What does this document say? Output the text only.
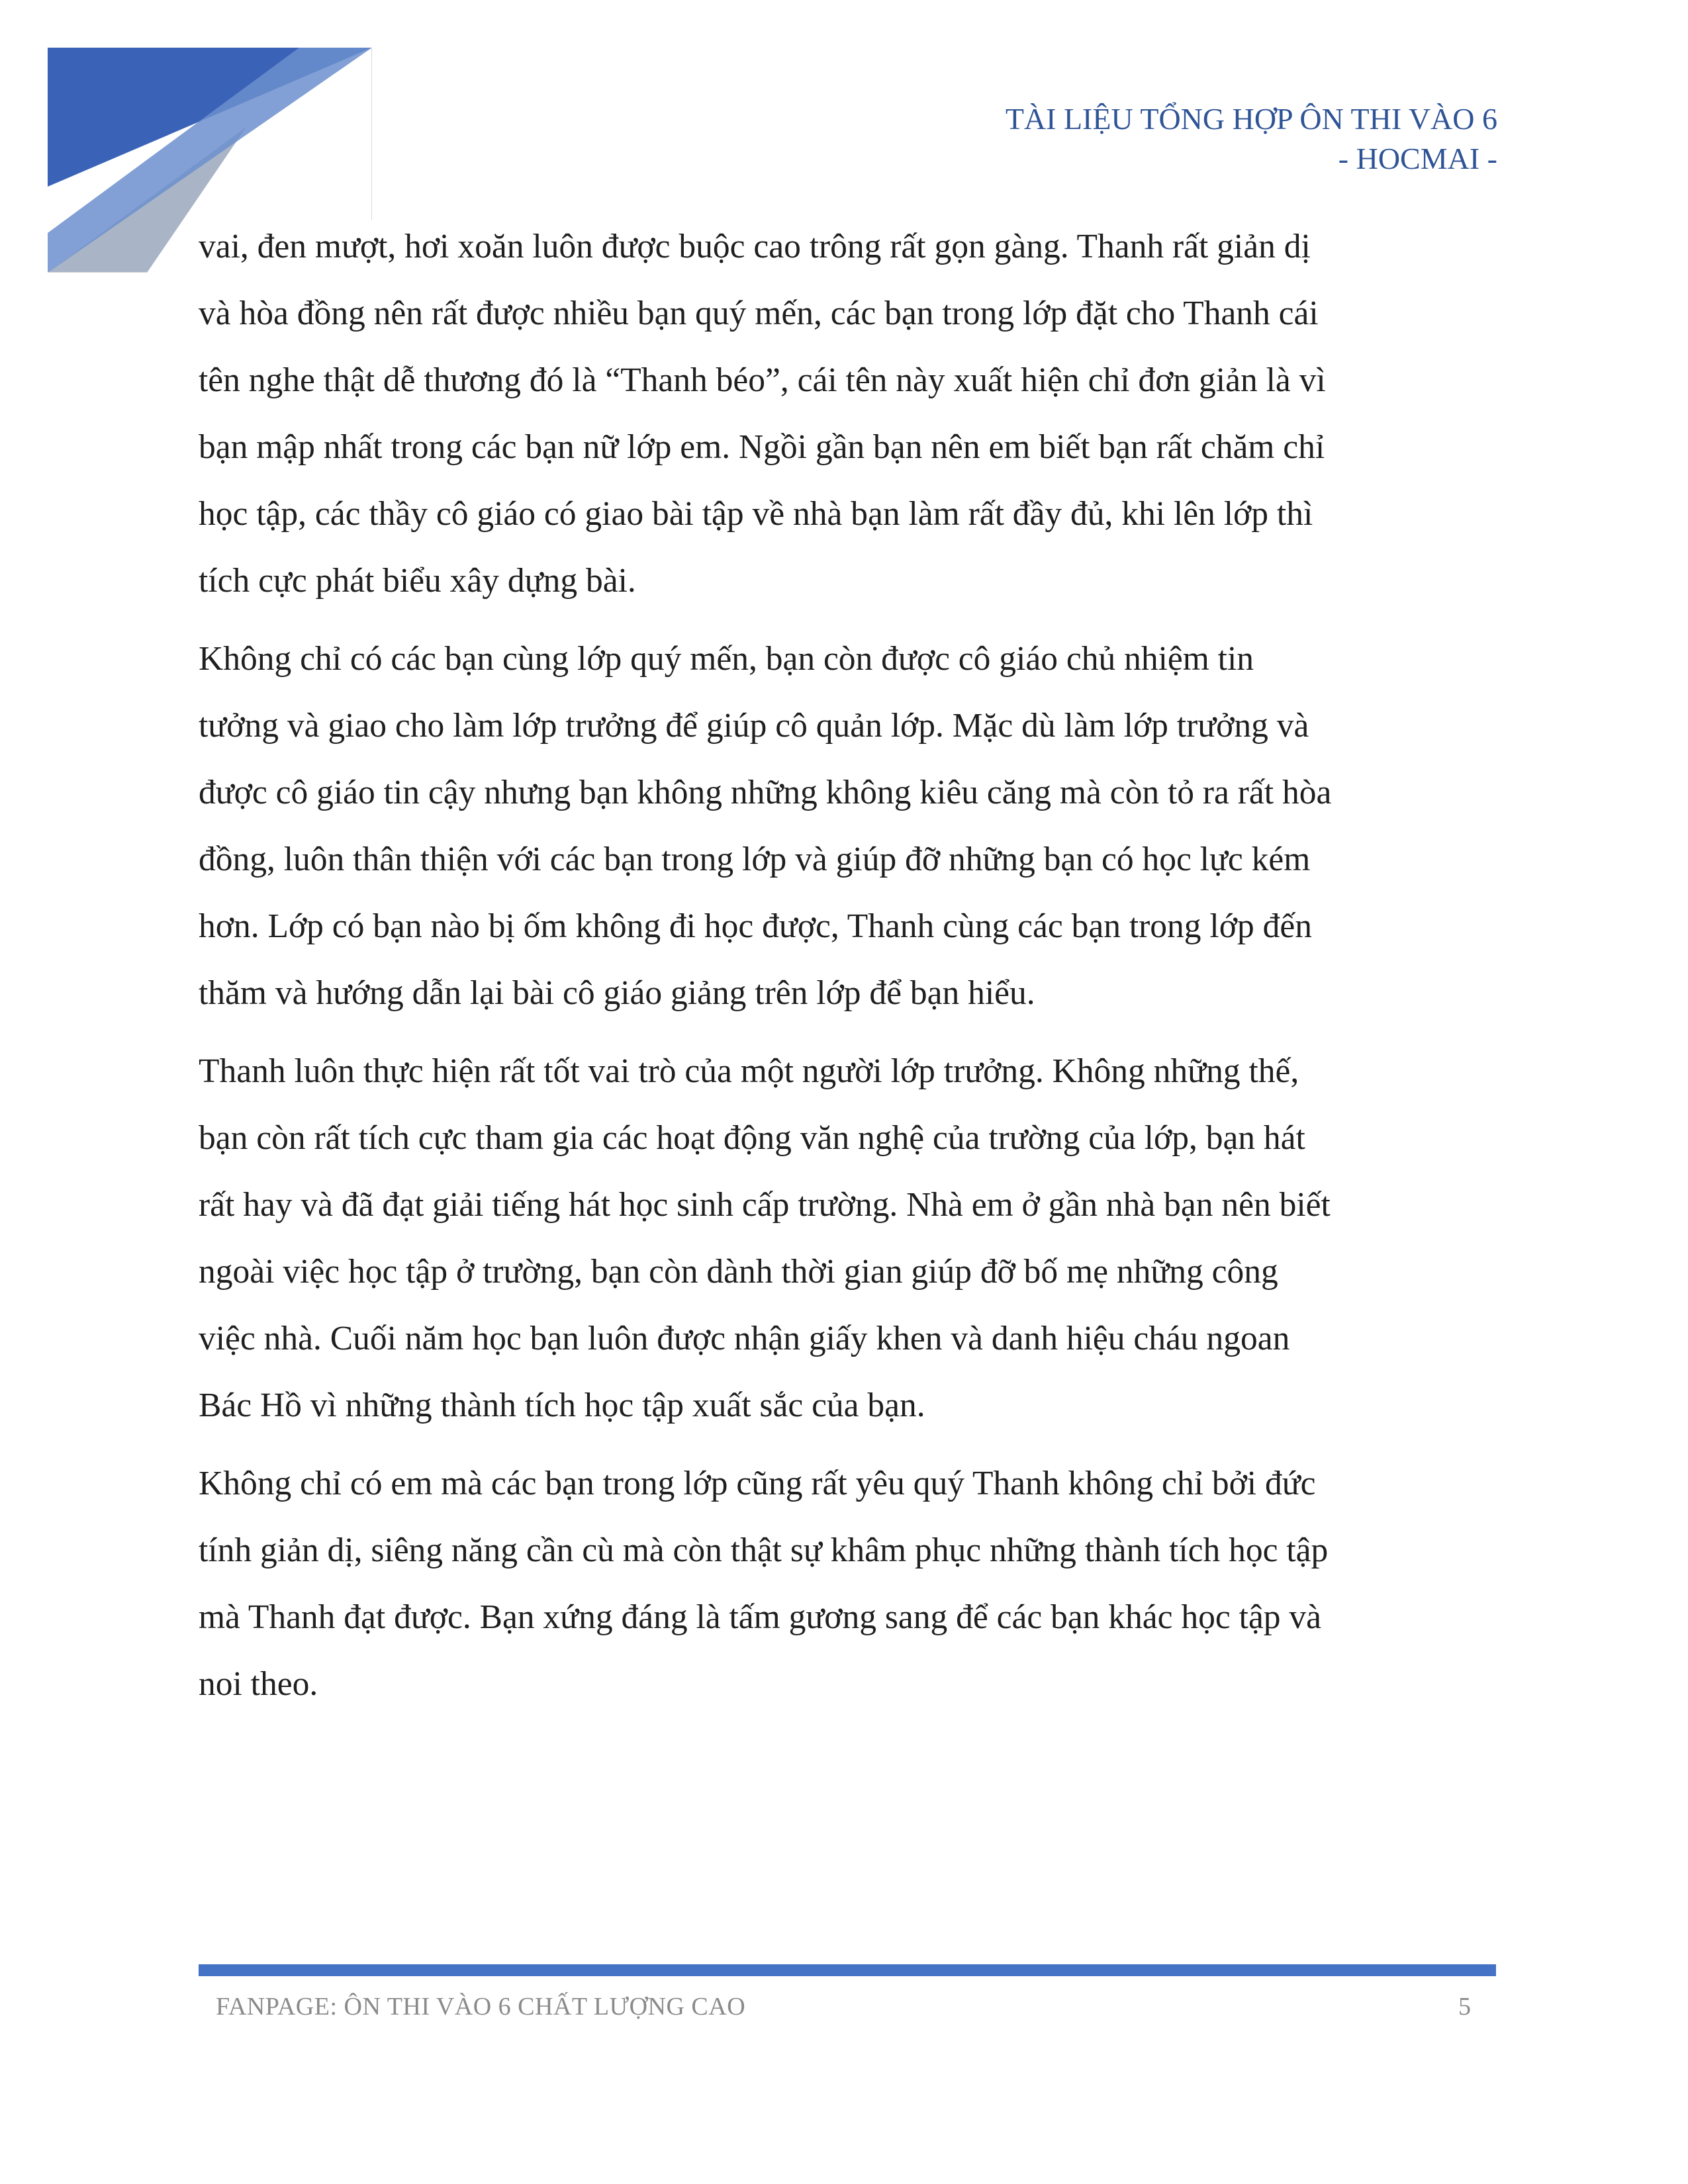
TÀI LIỆU TỔNG HỢP ÔN THI VÀO 6
- HOCMAI -

vai, đen mượt, hơi xoăn luôn được buộc cao trông rất gọn gàng. Thanh rất giản dị
và hòa đồng nên rất được nhiều bạn quý mến, các bạn trong lớp đặt cho Thanh cái
tên nghe thật dễ thương đó là “Thanh béo”, cái tên này xuất hiện chỉ đơn giản là vì
bạn mập nhất trong các bạn nữ lớp em. Ngồi gần bạn nên em biết bạn rất chăm chỉ
học tập, các thầy cô giáo có giao bài tập về nhà bạn làm rất đầy đủ, khi lên lớp thì
tích cực phát biểu xây dựng bài.

Không chỉ có các bạn cùng lớp quý mến, bạn còn được cô giáo chủ nhiệm tin
tưởng và giao cho làm lớp trưởng để giúp cô quản lớp. Mặc dù làm lớp trưởng và
được cô giáo tin cậy nhưng bạn không những không kiêu căng mà còn tỏ ra rất hòa
đồng, luôn thân thiện với các bạn trong lớp và giúp đỡ những bạn có học lực kém
hơn. Lớp có bạn nào bị ốm không đi học được, Thanh cùng các bạn trong lớp đến
thăm và hướng dẫn lại bài cô giáo giảng trên lớp để bạn hiểu.

Thanh luôn thực hiện rất tốt vai trò của một người lớp trưởng. Không những thế,
bạn còn rất tích cực tham gia các hoạt động văn nghệ của trường của lớp, bạn hát
rất hay và đã đạt giải tiếng hát học sinh cấp trường. Nhà em ở gần nhà bạn nên biết
ngoài việc học tập ở trường, bạn còn dành thời gian giúp đỡ bố mẹ những công
việc nhà. Cuối năm học bạn luôn được nhận giấy khen và danh hiệu cháu ngoan
Bác Hồ vì những thành tích học tập xuất sắc của bạn.

Không chỉ có em mà các bạn trong lớp cũng rất yêu quý Thanh không chỉ bởi đức
tính giản dị, siêng năng cần cù mà còn thật sự khâm phục những thành tích học tập
mà Thanh đạt được. Bạn xứng đáng là tấm gương sang để các bạn khác học tập và
noi theo.

FANPAGE: ÔN THI VÀO 6 CHẤT LƯỢNG CAO	5
